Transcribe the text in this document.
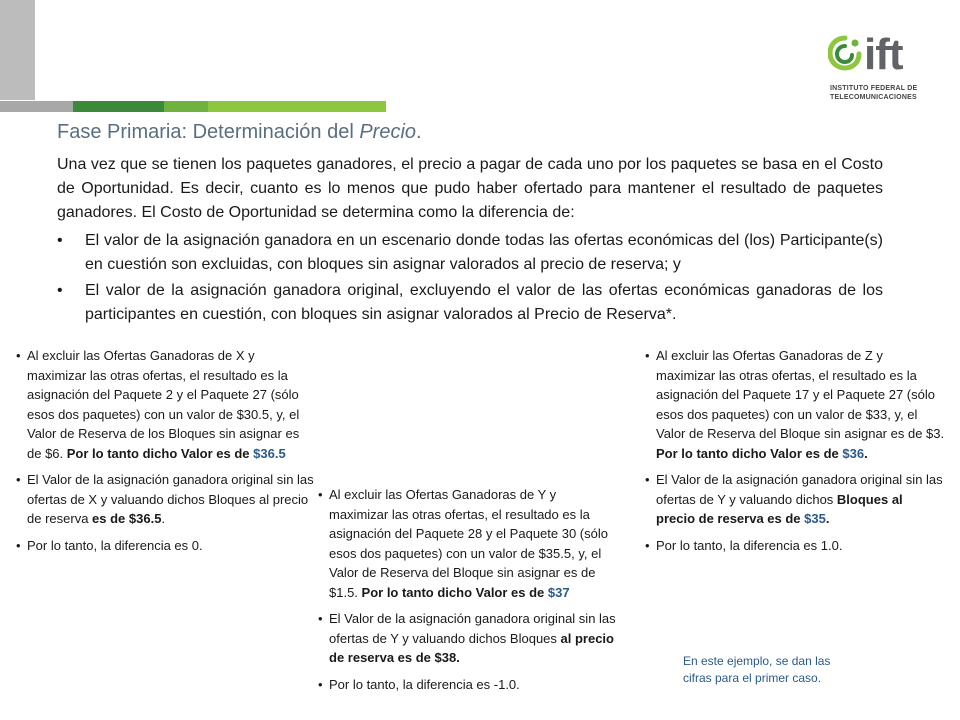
ift
INSTITUTO FEDERAL DE
TELECOMUNICACIONES
Fase Primaria: Determinación del Precio.

Una vez que se tienen los paquetes ganadores, el precio a pagar de cada uno por los paquetes se basa en el Costo de Oportunidad. Es decir, cuanto es lo menos que pudo haber ofertado para mantener el resultado de paquetes ganadores. El Costo de Oportunidad se determina como la diferencia de:

• El valor de la asignación ganadora en un escenario donde todas las ofertas económicas del (los) Participante(s) en cuestión son excluidas, con bloques sin asignar valorados al precio de reserva; y
• El valor de la asignación ganadora original, excluyendo el valor de las ofertas económicas ganadoras de los participantes en cuestión, con bloques sin asignar valorados al Precio de Reserva*.
• Al excluir las Ofertas Ganadoras de X y maximizar las otras ofertas, el resultado es la asignación del Paquete 2 y el Paquete 27 (sólo esos dos paquetes) con un valor de $30.5, y, el Valor de Reserva de los Bloques sin asignar es de $6. Por lo tanto dicho Valor es de $36.5
• El Valor de la asignación ganadora original sin las ofertas de X y valuando dichos Bloques al precio de reserva es de $36.5.
• Por lo tanto, la diferencia es 0.
• Al excluir las Ofertas Ganadoras de Y y maximizar las otras ofertas, el resultado es la asignación del Paquete 28 y el Paquete 30 (sólo esos dos paquetes) con un valor de $35.5, y, el Valor de Reserva del Bloque sin asignar es de $1.5. Por lo tanto dicho Valor es de $37
• El Valor de la asignación ganadora original sin las ofertas de Y y valuando dichos Bloques al precio de reserva es de $38.
• Por lo tanto, la diferencia es -1.0.
• Al excluir las Ofertas Ganadoras de Z y maximizar las otras ofertas, el resultado es la asignación del Paquete 17 y el Paquete 27 (sólo esos dos paquetes) con un valor de $33, y, el Valor de Reserva del Bloque sin asignar es de $3. Por lo tanto dicho Valor es de $36.
• El Valor de la asignación ganadora original sin las ofertas de Y y valuando dichos Bloques al precio de reserva es de $35.
• Por lo tanto, la diferencia es 1.0.

En este ejemplo, se dan las cifras para el primer caso.
